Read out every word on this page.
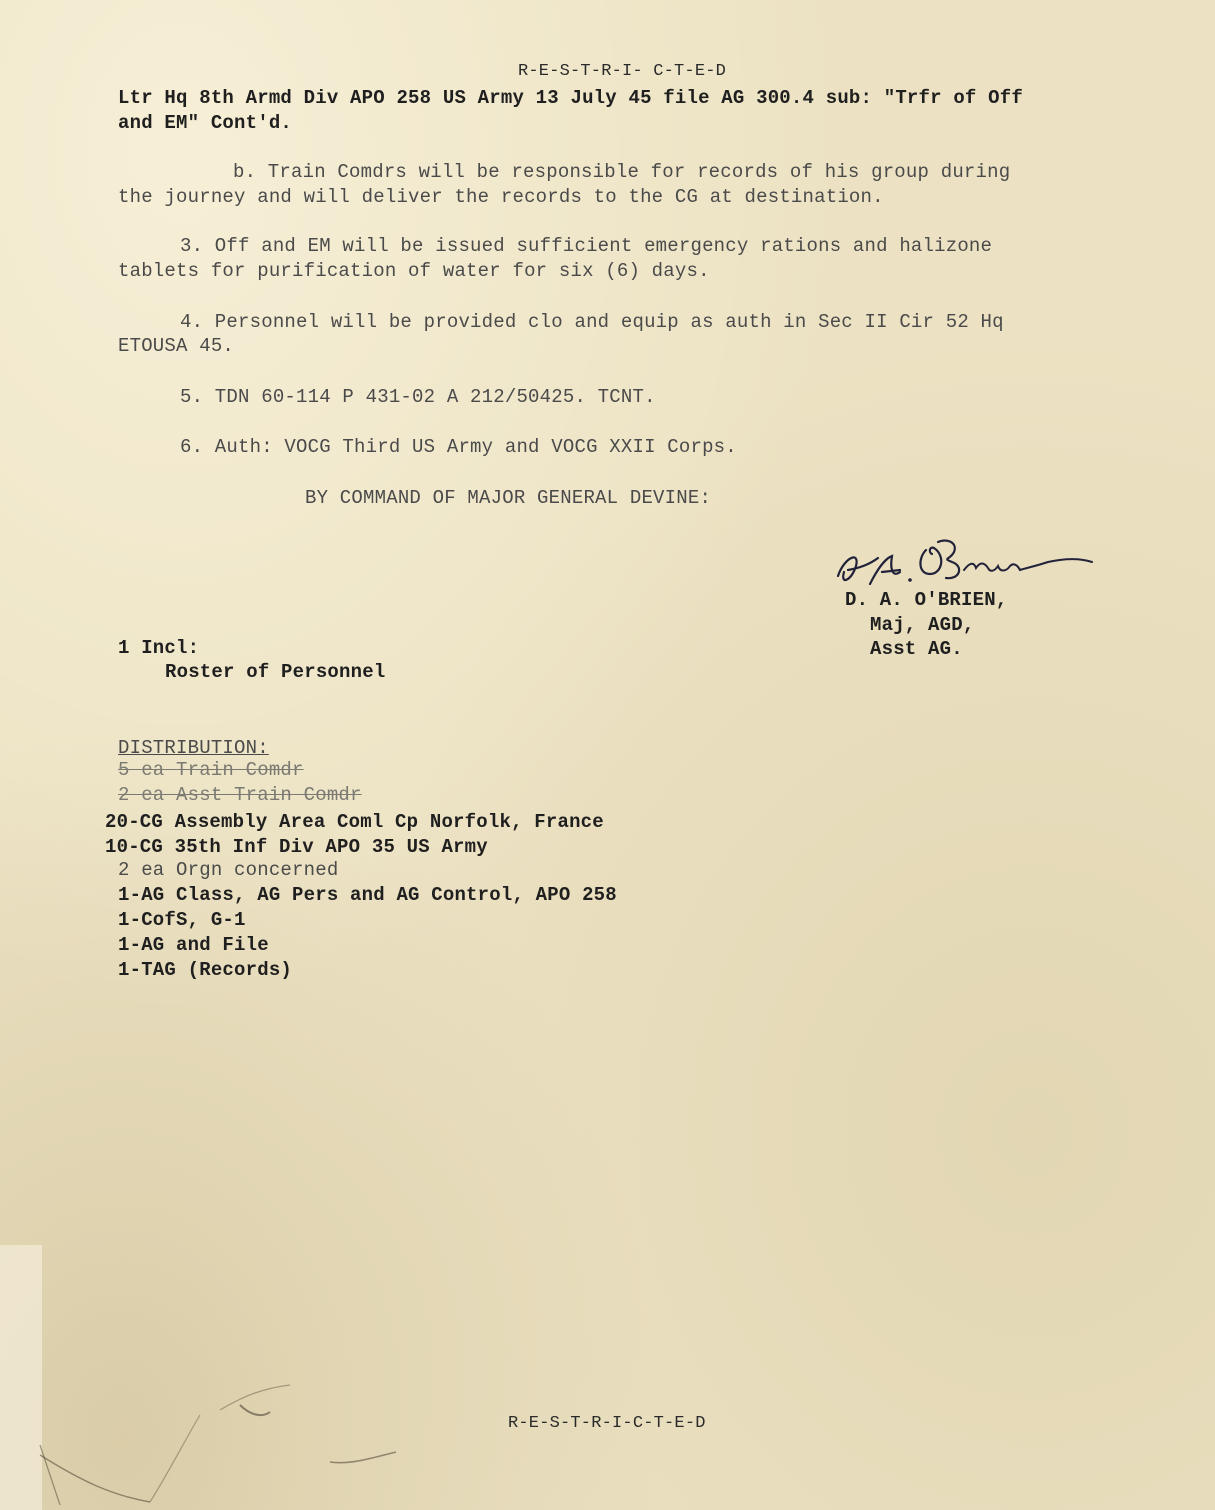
R-E-S-T-R-I- C-T-E-D
Ltr Hq 8th Armd Div APO 258 US Army 13 July 45 file AG 300.4 sub: "Trfr of Off
and EM" Cont'd.
b. Train Comdrs will be responsible for records of his group during
the journey and will deliver the records to the CG at destination.
3. Off and EM will be issued sufficient emergency rations and halizone
tablets for purification of water for six (6) days.
4. Personnel will be provided clo and equip as auth in Sec II Cir 52 Hq
ETOUSA 45.
5. TDN 60-114 P 431-02 A 212/50425. TCNT.
6. Auth: VOCG Third US Army and VOCG XXII Corps.
BY COMMAND OF MAJOR GENERAL DEVINE:
D. A. O'BRIEN,
Maj, AGD,
Asst AG.
1 Incl:
Roster of Personnel
DISTRIBUTION:
5 ea Train Comdr
2 ea Asst Train Comdr
20-CG Assembly Area Coml Cp Norfolk, France
10-CG 35th Inf Div APO 35 US Army
2 ea Orgn concerned
1-AG Class, AG Pers and AG Control, APO 258
1-CofS, G-1
1-AG and File
1-TAG (Records)
R-E-S-T-R-I-C-T-E-D
